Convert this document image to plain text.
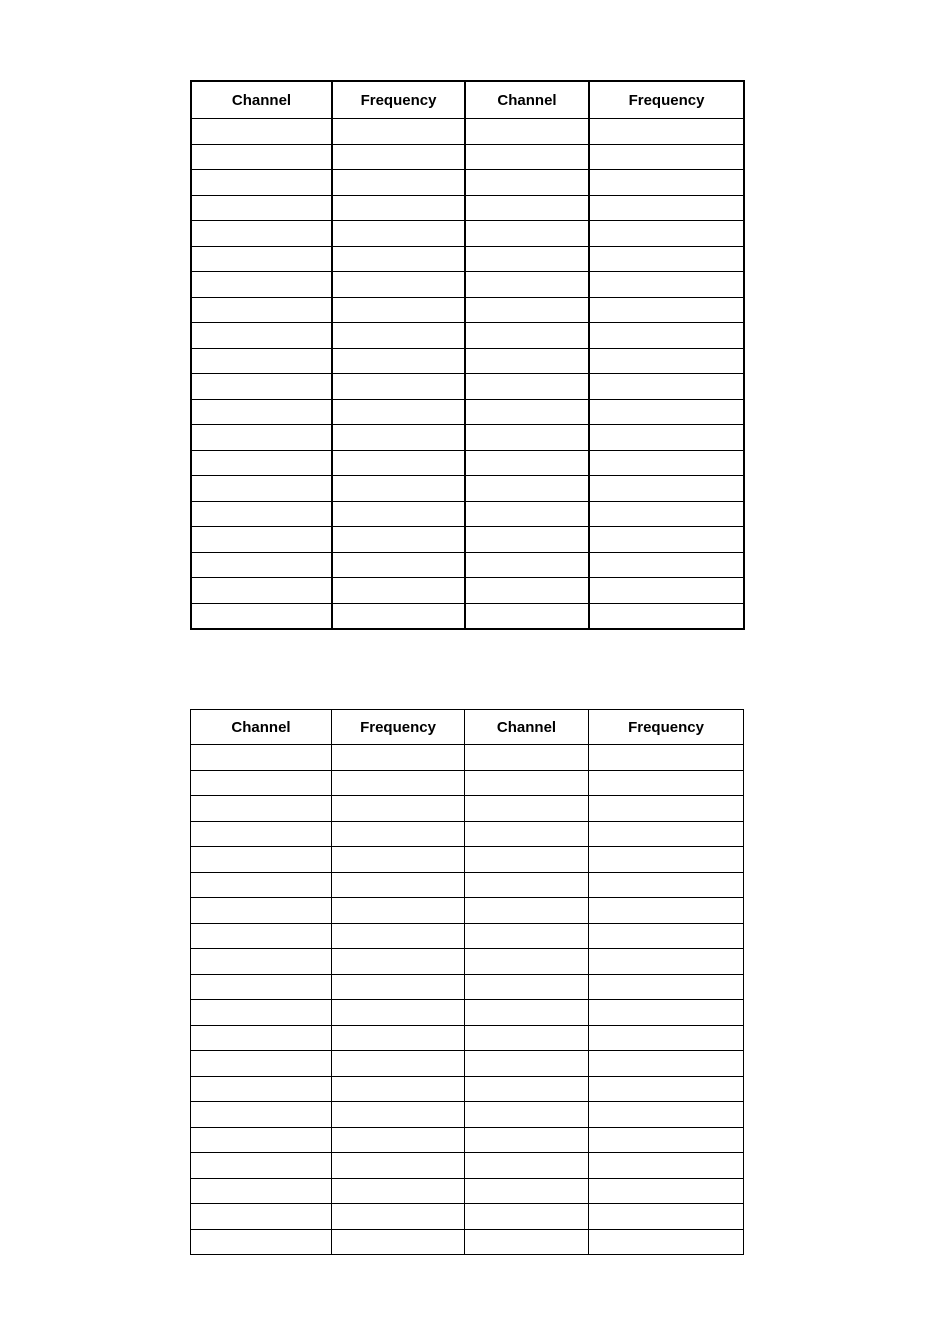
Channel	Frequency	Channel	Frequency

Channel	Frequency	Channel	Frequency
